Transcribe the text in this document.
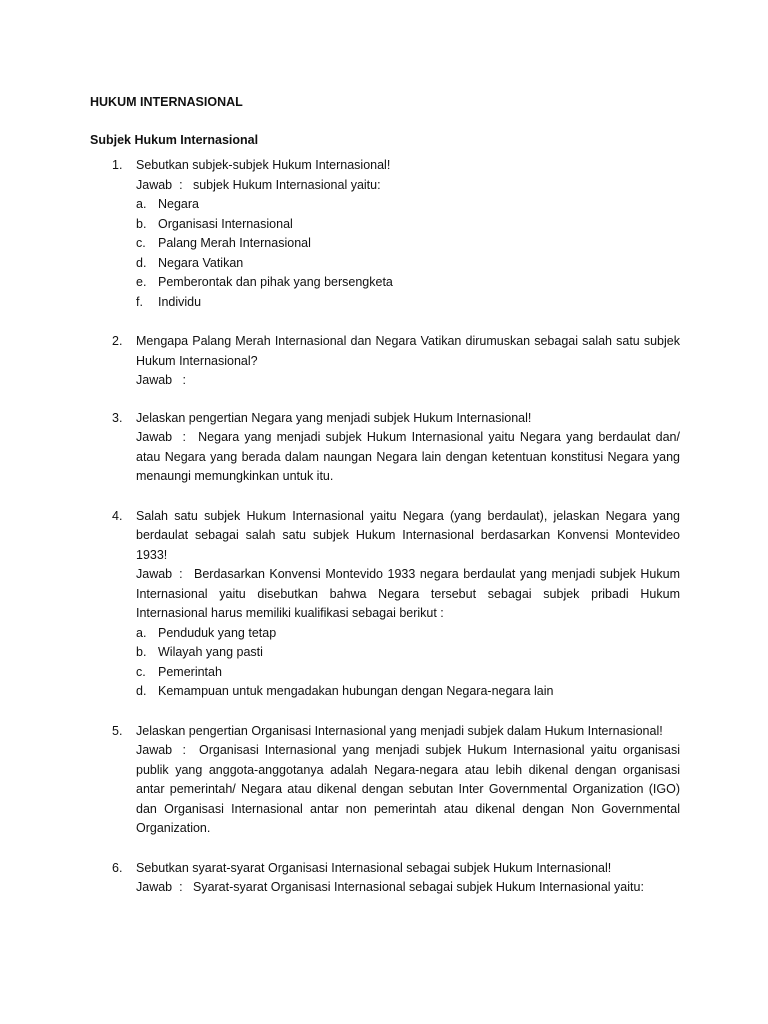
HUKUM INTERNASIONAL
Subjek Hukum Internasional
1. Sebutkan subjek-subjek Hukum Internasional!
Jawab  :   subjek Hukum Internasional yaitu:
a. Negara
b. Organisasi Internasional
c. Palang Merah Internasional
d. Negara Vatikan
e. Pemberontak dan pihak yang bersengketa
f. Individu
2. Mengapa Palang Merah Internasional dan Negara Vatikan dirumuskan sebagai salah satu subjek Hukum Internasional?
Jawab   :
3. Jelaskan pengertian Negara yang menjadi subjek Hukum Internasional!
Jawab   :   Negara yang menjadi subjek Hukum Internasional yaitu Negara yang berdaulat dan/ atau Negara yang berada dalam naungan Negara lain dengan ketentuan konstitusi Negara yang menaungi memungkinkan untuk itu.
4. Salah satu subjek Hukum Internasional yaitu Negara (yang berdaulat), jelaskan Negara yang berdaulat sebagai salah satu subjek Hukum Internasional berdasarkan Konvensi Montevideo 1933!
Jawab  :   Berdasarkan Konvensi Montevido 1933 negara berdaulat yang menjadi subjek Hukum Internasional yaitu disebutkan bahwa Negara tersebut sebagai subjek pribadi Hukum Internasional harus memiliki kualifikasi sebagai berikut :
a. Penduduk yang tetap
b. Wilayah yang pasti
c. Pemerintah
d. Kemampuan untuk mengadakan hubungan dengan Negara-negara lain
5. Jelaskan pengertian Organisasi Internasional yang menjadi subjek dalam Hukum Internasional!
Jawab   :   Organisasi Internasional yang menjadi subjek Hukum Internasional yaitu organisasi publik yang anggota-anggotanya adalah Negara-negara atau lebih dikenal dengan organisasi antar pemerintah/ Negara atau dikenal dengan sebutan Inter Governmental Organization (IGO) dan Organisasi Internasional antar non pemerintah atau dikenal dengan Non Governmental Organization.
6. Sebutkan syarat-syarat Organisasi Internasional sebagai subjek Hukum Internasional!
Jawab  :   Syarat-syarat Organisasi Internasional sebagai subjek Hukum Internasional yaitu:
